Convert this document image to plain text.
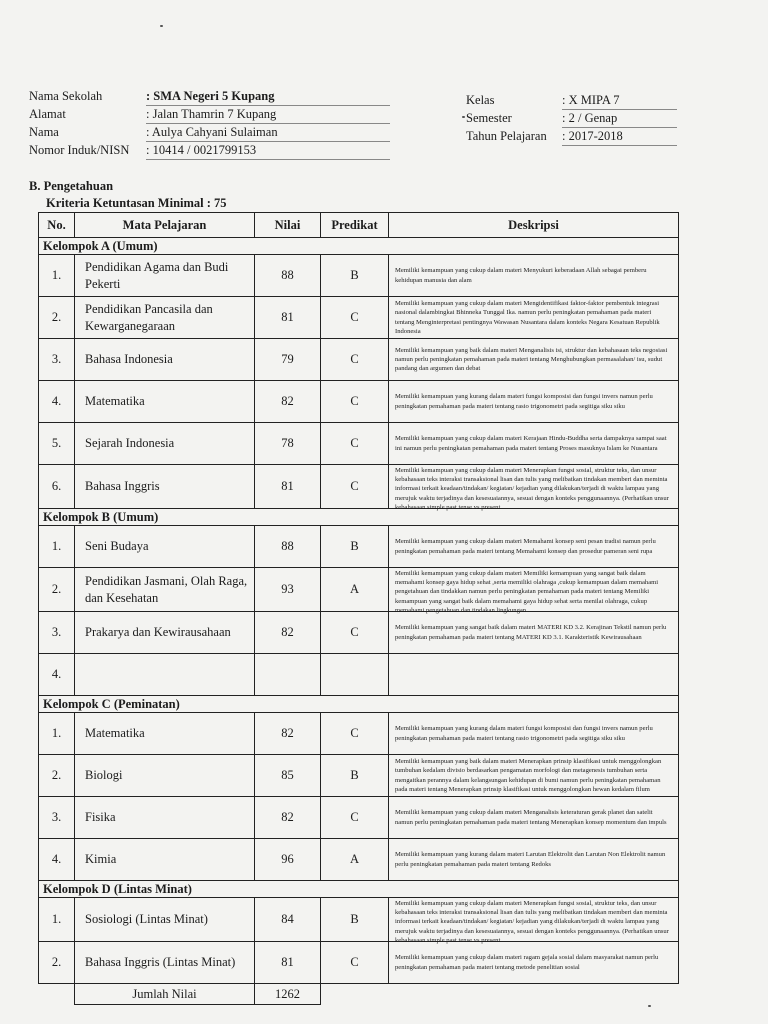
Nama Sekolah	: SMA Negeri 5 Kupang
Alamat	: Jalan Thamrin 7 Kupang
Nama	: Aulya Cahyani Sulaiman
Nomor Induk/NISN : 10414 / 0021799153
Kelas	: X MIPA 7
Semester	: 2 / Genap
Tahun Pelajaran : 2017-2018
B. Pengetahuan
Kriteria Ketuntasan Minimal : 75
No.	Mata Pelajaran	Nilai	Predikat	Deskripsi
Kelompok A (Umum)				
1.	Pendidikan Agama dan Budi Pekerti	88	B	Memiliki kemampuan yang cukup dalam materi Menyukuri keberadaan Allah sebagai pemberu kehidupan manusia dan alam

2.	Pendidikan Pancasila dan Kewarganegaraan	81	C	Memiliki kemampuan yang cukup dalam materi Mengidentifikasi faktor-faktor pembentuk integrasi nasional dalambingkai Bhinneka Tunggal Ika. namun perlu peningkatan pemahaman pada materi tentang Menginterpretasi pentingnya Wawasan Nusantara dalam konteks Negara Kesatuan Republik Indonesia

3.	Bahasa Indonesia	79	C	Memiliki kemampuan yang baik dalam materi Menganalisis isi, struktur dan kebahasaan teks negosiasi namun perlu peningkatan pemahaman pada materi tentang Menghubungkan permasalahan/ isu, sudut pandang dan argumen dan debat

4.	Matematika	82	C	Memiliki kemampuan yang kurang dalam materi fungsi komposisi dan fungsi invers namun perlu peningkatan pemahaman pada materi tentang rasio trigonometri pada segitiga siku siku

5.	Sejarah Indonesia	78	C	Memiliki kemampuan yang cukup dalam materi Kerajaan Hindu-Buddha serta dampaknya sampai saat ini namun perlu peningkatan pemahaman pada materi tentang Proses masuknya Islam ke Nusantara

6.	Bahasa Inggris	81	C	Memiliki kemampuan yang cukup dalam materi Menerapkan fungsi sosial, struktur teks, dan unsur kebahasaan teks interaksi transaksional lisan dan tulis yang melibatkan tindakan memberi dan meminta informasi terkait keadaan/tindakan/ kegiatan/ kejadian yang dilakukan/terjadi di waktu lampau yang merujuk waktu terjadinya dan kesesuaiannya, sesuai dengan konteks penggunaannya. (Perhatikan unsur kebahasaan simple past tense vs present

Kelompok B (Umum)				
1.	Seni Budaya	88	B	Memiliki kemampuan yang cukup dalam materi Memahami konsep seni pesan tradisi namun perlu peningkatan pemahaman pada materi tentang Memahami konsep dan prosedur pameran seni rupa

2.	Pendidikan Jasmani, Olah Raga, dan Kesehatan	93	A	Memiliki kemampuan yang cukup dalam materi Memiliki kemampuan yang sangat baik dalam memahami konsep gaya hidup sehat ,serta memiliki olahraga ,cukup kemampuan dalam memahami pengetahuan dan tindakkan namun perlu peningkatan pemahaman pada materi tentang Memiliki kemampuan yang sangat baik dalam memahami gaya hidup sehat serta menilai olahraga, cukup memahami pengetahuan dan tindakan lingkungan

3.	Prakarya dan Kewirausahaan	82	C	Memiliki kemampuan yang sangat baik dalam materi MATERI KD 3.2. Kerajinan Tekstil namun perlu peningkatan pemahaman pada materi tentang MATERI KD 3.1. Karakteristik Kewirausahaan

4.				

Kelompok C (Peminatan)				
1.	Matematika	82	C	Memiliki kemampuan yang kurang dalam materi fungsi komposisi dan fungsi invers namun perlu peningkatan pemahaman pada materi tentang rasio trigonometri pada segitiga siku siku

2.	Biologi	85	B	Memiliki kemampuan yang baik dalam materi Menerapkan prinsip klasifikasi untuk menggolongkan tumbuhan kedalam divisio berdasarkan pengamatan morfologi dan metagenesis tumbuhan serta mengaitkan perannya dalam kelangsungan kehidupan di bumi namun perlu peningkatan pemahaman pada materi tentang Menerapkan prinsip klasifikasi untuk menggolongkan hewan kedalam filum

3.	Fisika	82	C	Memiliki kemampuan yang cukup dalam materi Menganalisis keteraturan gerak planet dan satelit namun perlu peningkatan pemahaman pada materi tentang Menerapkan konsep momentum dan impuls

4.	Kimia	96	A	Memiliki kemampuan yang kurang dalam materi Larutan Elektrolit dan Larutan Non Elektrolit namun perlu peningkatan pemahaman pada materi tentang Redoks

Kelompok D (Lintas Minat)				
1.	Sosiologi (Lintas Minat)	84	B	Memiliki kemampuan yang cukup dalam materi Menerapkan fungsi sosial, struktur teks, dan unsur kebahasaan teks interaksi transaksional lisan dan tulis yang melibatkan tindakan memberi dan meminta informasi terkait keadaan/tindakan/ kegiatan/ kejadian yang dilakukan/terjadi di waktu lampau yang merujuk waktu terjadinya dan kesesuaiannya, sesuai dengan konteks penggunaannya. (Perhatikan unsur kebahasaan simple past tense vs present

2.	Bahasa Inggris (Lintas Minat)	81	C	Memiliki kemampuan yang cukup dalam materi ragam gejala sosial dalam masyarakat namun perlu peningkatan pemahaman pada materi tentang metode penelitian sosial

	Jumlah Nilai	1262		
